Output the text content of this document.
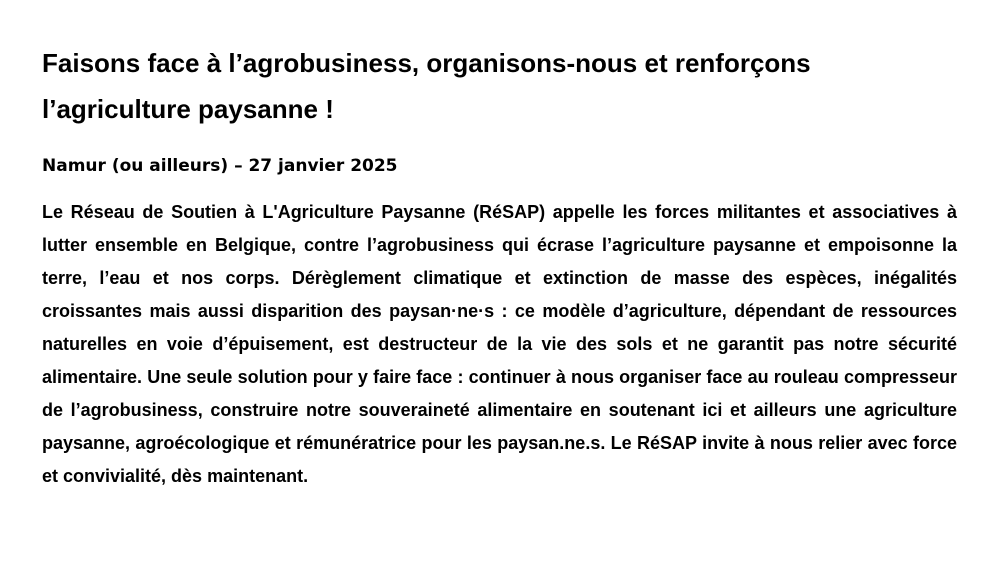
Faisons face à l’agrobusiness, organisons-nous et renforçons l’agriculture paysanne !

Namur (ou ailleurs) – 27 janvier 2025

Le Réseau de Soutien à L'Agriculture Paysanne (RéSAP) appelle les forces militantes et associatives à lutter ensemble en Belgique, contre l’agrobusiness qui écrase l’agriculture paysanne et empoisonne la terre, l’eau et nos corps. Dérèglement climatique et extinction de masse des espèces, inégalités croissantes mais aussi disparition des paysan·ne·s : ce modèle d’agriculture, dépendant de ressources naturelles en voie d’épuisement, est destructeur de la vie des sols et ne garantit pas notre sécurité alimentaire. Une seule solution pour y faire face : continuer à nous organiser face au rouleau compresseur de l’agrobusiness, construire notre souveraineté alimentaire en soutenant ici et ailleurs une agriculture paysanne, agroécologique et rémunératrice pour les paysan.ne.s. Le RéSAP invite à nous relier avec force et convivialité, dès maintenant.
